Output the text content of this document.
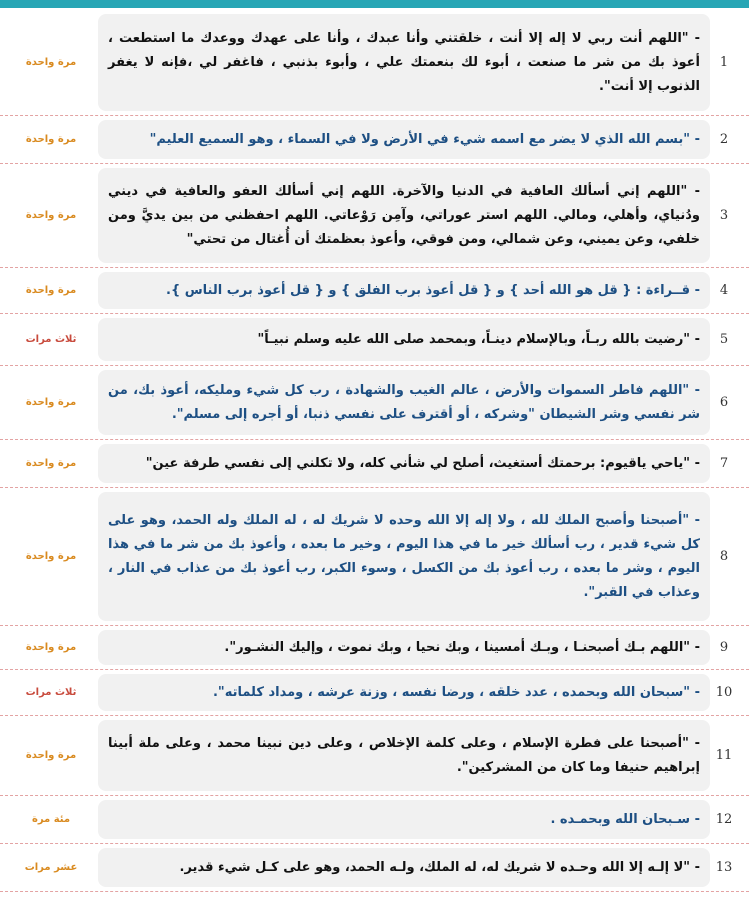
1
مرة واحدة
- "اللهم أنت ربي لا إله إلا أنت ، خلقتني وأنا عبدك ، وأنا على عهدك ووعدك ما استطعت ، أعوذ بك من شر ما صنعت ، أبوء لك بنعمتك علي ، وأبوء بذنبي ، فاغفر لي ،فإنه لا يغفر الذنوب إلا أنت".
2
مرة واحدة	- "بسم الله الذي لا يضر مع اسمه شيء في الأرض ولا في السماء ، وهو السميع العليم"
3
مرة واحدة
- "اللهم إني أسألك العافية في الدنيا والآخرة. اللهم إني أسألك العفو والعافية في ديني ودُنياي، وأهلي، ومالي. اللهم استر عوراتي، وآمِن رَوْعاتي. اللهم احفظني من بين يديَّ ومن خلفي، وعن يميني، وعن شمالي، ومن فوقي، وأعوذ بعظمتك أن أُغتال من تحتي"
4
مرة واحدة	- قــراءة : { قل هو الله أحد } و { قل أعوذ برب الفلق } و { قل أعوذ برب الناس }.
5
ثلاث مرات	- "رضيت بالله ربـاً، وبالإسلام دينـاً، وبمحمد صلى الله عليه وسلم نبيـاً"
6
مرة واحدة
- "اللهم فاطر السموات والأرض ، عالم الغيب والشهادة ، رب كل شيء ومليكه، أعوذ بك، من شر نفسي وشر الشيطان "وشركه ، أو أقترف على نفسي ذنبا، أو أجره إلى مسلم".
7
مرة واحدة	- "ياحي ياقيوم: برحمتك أستغيث، أصلح لي شأني كله، ولا تكلني إلى نفسي طرفة عين"
8
مرة واحدة
- "أصبحنا وأصبح الملك لله ، ولا إله إلا الله وحده لا شريك له ، له الملك وله الحمد، وهو على كل شيء قدير ، رب أسألك خير ما في هذا اليوم ، وخير ما بعده ، وأعوذ بك من شر ما في هذا اليوم ، وشر ما بعده ، رب أعوذ بك من الكسل ، وسوء الكبر، رب أعوذ بك من عذاب في النار ، وعذاب في القبر".
9
مرة واحدة	- "اللهم بـك أصبحنـا ، وبـك أمسينا ، وبك نحيا ، وبك نموت ، وإليك النشـور".
10
ثلاث مرات	- "سبحان الله وبحمده ، عدد خلقه ، ورضا نفسه ، وزنة عرشه ، ومداد كلماته".
11
مرة واحدة
- "أصبحنا على فطرة الإسلام ، وعلى كلمة الإخلاص ، وعلى دين نبينا محمد ، وعلى ملة أبينا إبراهيم حنيفا وما كان من المشركين".
12
مئة مرة	- سـبحان الله وبحمـده .
13
عشر مرات	- "لا إلـه إلا الله وحـده لا شريك له، له الملك، ولـه الحمد، وهو على كـل شيء قدير.
